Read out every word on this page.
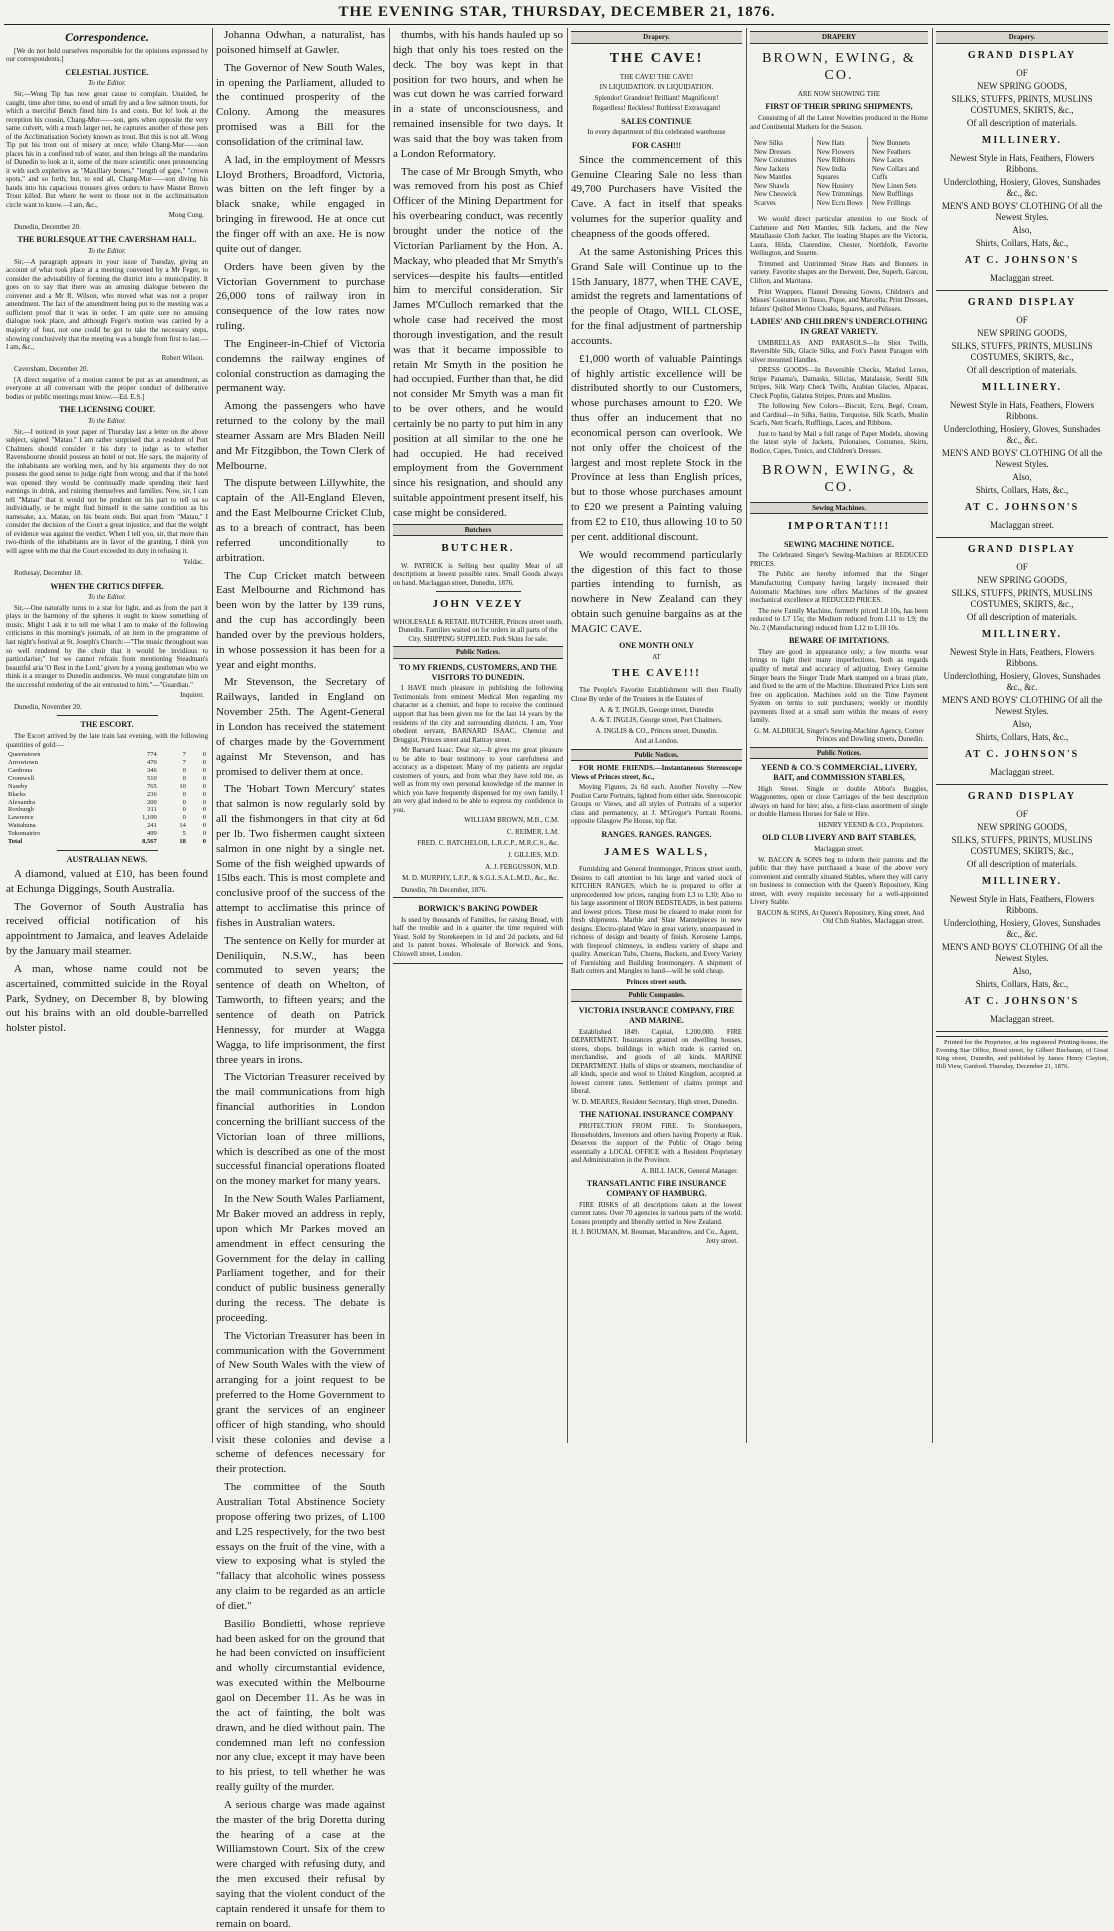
THE EVENING STAR, THURSDAY, DECEMBER 21, 1876.
Correspondence.

[We do not hold ourselves responsible for the opinions expressed by our correspondents.]

CELESTIAL JUSTICE.
To the Editor.

Sir,—Wong Tip has now great cause to complain. Unaided, he caught, time after time, no end of small fry and a few salmon trouts, for which a merciful Bench fined him 1s and costs. But lo! look at the reception his cousin, Chang-Mur——son, gets when opposite the very same culvert, with a much larger net, he captures another of those pets of the Acclimatisation Society known as trout. But this is not all. Wong Tip put his trout out of misery at once; while Chang-Mur——son places his in a confined tub of water, and then brings all the mandarins of Dunedin to look at it, some of the more scientific ones pronouncing it with such expletives as "Maxillary bones," "length of gape," "crown spots," and so forth; but, to end all, Chang-Mur——son diving his hands into his capacious trousers gives orders to have Master Brown Trout killed. But where he went to those not in the acclimatisation circle want to know.—I am, &c.,

Mong Cung.

Dunedin, December 20.

THE BURLESQUE AT THE CAVERSHAM HALL.
To the Editor.

Sir,—A paragraph appears in your issue of Tuesday, giving an account of what took place at a meeting convened by a Mr Feger, to consider the advisability of forming the district into a municipality. It goes on to say that there was an amusing dialogue between the convener and a Mr R. Wilson, who moved what was not a proper amendment. The fact of the amendment being put to the meeting was a sufficient proof that it was in order. I am quite sure no amusing dialogue took place, and although Feger's motion was carried by a majority of four, not one could be got to take the necessary steps, showing conclusively that the meeting was a bungle from first to last.—I am, &c.,

Robert Wilson.

Caversham, December 20.

[A direct negative of a motion cannot be put as an amendment, as everyone at all conversant with the proper conduct of deliberative bodies or public meetings must know.—Ed. E.S.]

THE LICENSING COURT.
To the Editor.

Sir,—I noticed in your paper of Thursday last a letter on the above subject, signed "Matau." I am rather surprised that a resident of Port Chalmers should consider it his duty to judge as to whether Ravensbourne should possess an hotel or not. He says, the majority of the inhabitants are working men, and by his arguments they do not possess the good sense to judge right from wrong; and that if the hotel was opened they would be continually made spending their hard earnings in drink, and ruining themselves and families. Now, sir, I can tell "Matau" that it would not be prudent on his part to tell us so individually, or he might find himself in the same condition as his namesake, a.s. Matau, on his beam ends. But apart from "Matau," I consider the decision of the Court a great injustice, and that the weight of evidence was against the verdict. When I tell you, sir, that more than two-thirds of the inhabitants are in favor of the granting, I think you will agree with me that the Court exceeded its duty in refusing it.

Yeldac.

Rothesay, December 18.

WHEN THE CRITICS DIFFER.
To the Editor.

Sir,—One naturally turns to a star for light, and as from the part it plays in the harmony of the spheres it ought to know something of music. Might I ask it to tell me what I am to make of the following criticisms in this morning's journals, of an item in the programme of last night's festival at St. Joseph's Church:—"The music throughout was so well rendered by the choir that it would be invidious to particularise;" but we cannot refrain from mentioning Steadman's beautiful aria 'O Rest in the Lord,' given by a young gentleman who we think is a stranger to Dunedin audiences. We must congratulate him on the successful rendering of the air entrusted to him."—"Guardian."

Inquirer.

Dunedin, November 20.

THE ESCORT.

The Escort arrived by the late train last evening, with the following quantities of gold:—

Queenstown	774	7	0
Arrowtown	470	7	0
Cardrona	346	0	0
Cromwell	510	0	0
Naseby	765	10	0
Blacks	236	0	0
Alexandra	200	0	0
Roxburgh	311	0	0
Lawrence	1,100	0	0
Waitahuna	241	14	0
Tokomairiro	499	5	0
Total	8,567	18	0
AUSTRALIAN NEWS.

A diamond, valued at £10, has been found at Echunga Diggings, South Australia.

The Governor of South Australia has received official notification of his appointment to Jamaica, and leaves Adelaide by the January mail steamer.

A man, whose name could not be ascertained, committed suicide in the Royal Park, Sydney, on December 8, by blowing out his brains with an old double-barrelled holster pistol.

Johanna Odwhan, a naturalist, has poisoned himself at Gawler.

The Governor of New South Wales, in opening the Parliament, alluded to the continued prosperity of the Colony. Among the measures promised was a Bill for the consolidation of the criminal law.

A lad, in the employment of Messrs Lloyd Brothers, Broadford, Victoria, was bitten on the left finger by a black snake, while engaged in bringing in firewood. He at once cut the finger off with an axe. He is now quite out of danger.

Orders have been given by the Victorian Government to purchase 26,000 tons of railway iron in consequence of the low rates now ruling.

The Engineer-in-Chief of Victoria condemns the railway engines of colonial construction as damaging the permanent way.

Among the passengers who have returned to the colony by the mail steamer Assam are Mrs Bladen Neill and Mr Fitzgibbon, the Town Clerk of Melbourne.

The dispute between Lillywhite, the captain of the All-England Eleven, and the East Melbourne Cricket Club, as to a breach of contract, has been referred unconditionally to arbitration.

The Cup Cricket match between East Melbourne and Richmond has been won by the latter by 139 runs, and the cup has accordingly been handed over by the previous holders, in whose possession it has been for a year and eight months.

Mr Stevenson, the Secretary of Railways, landed in England on November 25th. The Agent-General in London has received the statement of charges made by the Government against Mr Stevenson, and has promised to deliver them at once.

The 'Hobart Town Mercury' states that salmon is now regularly sold by all the fishmongers in that city at 6d per lb. Two fishermen caught sixteen salmon in one night by a single net. Some of the fish weighed upwards of 15lbs each. This is most complete and conclusive proof of the success of the attempt to acclimatise this prince of fishes in Australian waters.

The sentence on Kelly for murder at Deniliquin, N.S.W., has been commuted to seven years; the sentence of death on Whelton, of Tamworth, to fifteen years; and the sentence of death on Patrick Hennessy, for murder at Wagga Wagga, to life imprisonment, the first three years in irons.

The Victorian Treasurer received by the mail communications from high financial authorities in London concerning the brilliant success of the Victorian loan of three millions, which is described as one of the most successful financial operations floated on the money market for many years.

In the New South Wales Parliament, Mr Baker moved an address in reply, upon which Mr Parkes moved an amendment in effect censuring the Government for the delay in calling Parliament together, and for their conduct of public business generally during the recess. The debate is proceeding.

The Victorian Treasurer has been in communication with the Government of New South Wales with the view of arranging for a joint request to be preferred to the Home Government to grant the services of an engineer officer of high standing, who should visit these colonies and devise a scheme of defences necessary for their protection.

The committee of the South Australian Total Abstinence Society propose offering two prizes, of L100 and L25 respectively, for the two best essays on the fruit of the vine, with a view to exposing what is styled the "fallacy that alcoholic wines possess any claim to be regarded as an article of diet."

Basilio Bondietti, whose reprieve had been asked for on the ground that he had been convicted on insufficient and wholly circumstantial evidence, was executed within the Melbourne gaol on December 11. As he was in the act of fainting, the bolt was drawn, and he died without pain. The condemned man left no confession nor any clue, except it may have been to his priest, to tell whether he was really guilty of the murder.

A serious charge was made against the master of the brig Doretta during the hearing of a case at the Williamstown Court. Six of the crew were charged with refusing duty, and the men excused their refusal by saying that the violent conduct of the captain rendered it unsafe for them to remain on board.

thumbs, with his hands hauled up so high that only his toes rested on the deck. The boy was kept in that position for two hours, and when he was cut down he was carried forward in a state of unconsciousness, and remained insensible for two days. It was said that the boy was taken from a London Reformatory.

The case of Mr Brough Smyth, who was removed from his post as Chief Officer of the Mining Department for his overbearing conduct, was recently brought under the notice of the Victorian Parliament by the Hon. A. Mackay, who pleaded that Mr Smyth's services—despite his faults—entitled him to merciful consideration. Sir James M'Culloch remarked that the whole case had received the most thorough investigation, and the result was that it became impossible to retain Mr Smyth in the position he had occupied. Further than that, he did not consider Mr Smyth was a man fit to be over others, and he would certainly be no party to put him in any position at all similar to the one he had occupied. He had received employment from the Government since his resignation, and should any suitable appointment present itself, his case might be considered.

Butchers
BUTCHER.

W. PATRICK is Selling best quality Meat of all descriptions at lowest possible rates. Small Goods always on hand. Maclaggan street, Dunedin, 1876.

JOHN VEZEY

WHOLESALE & RETAIL BUTCHER, Princes street south, Dunedin. Families waited on for orders in all parts of the City. SHIPPING SUPPLIED. Pork Skins for sale.

Public Notices.
TO MY FRIENDS, CUSTOMERS, AND THE VISITORS TO DUNEDIN.

I HAVE much pleasure in publishing the following Testimonials from eminent Medical Men regarding my character as a chemist, and hope to receive the continued support that has been given me for the last 14 years by the residents of the city and surrounding districts. I am, Your obedient servant, BARNARD ISAAC, Chemist and Druggist, Princes street and Rattray street.

Mr Barnard Isaac. Dear sir,—It gives me great pleasure to be able to bear testimony to your carefulness and accuracy as a dispenser. Many of my patients are regular customers of yours, and from what they have told me, as well as from my own personal knowledge of the manner in which you have frequently dispensed for my own family, I am very glad indeed to be able to express my confidence in you.

WILLIAM BROWN, M.B., C.M.
C. REIMER, L.M.
FRED. C. BATCHELOR, L.R.C.P., M.R.C.S., &c.
J. GILLIES, M.D.
A. J. FERGUSSON, M.D.
M. D. MURPHY, L.F.P., & S.G.L.S.A.L.M.D., &c., &c.

Dunedin, 7th December, 1876.

BORWICK'S BAKING POWDER

Is used by thousands of Families, for raising Bread, with half the trouble and in a quarter the time required with Yeast. Sold by Storekeepers in 1d and 2d packets, and 6d and 1s patent boxes. Wholesale of Borwick and Sons, Chiswell street, London.

Drapery.
THE CAVE!
THE CAVE! THE CAVE!
IN LIQUIDATION. IN LIQUIDATION.
Splendor! Grandeur! Brilliant! Magnificent!
Regardless! Reckless! Ruthless! Extravagant!
SALES CONTINUE
In every department of this celebrated warehouse
FOR CASH!!!

Since the commencement of this Genuine Clearing Sale no less than 49,700 Purchasers have Visited the Cave. A fact in itself that speaks volumes for the superior quality and cheapness of the goods offered.

At the same Astonishing Prices this Grand Sale will Continue up to the 15th January, 1877, when THE CAVE, amidst the regrets and lamentations of the people of Otago, WILL CLOSE, for the final adjustment of partnership accounts.

£1,000 worth of valuable Paintings of highly artistic excellence will be distributed shortly to our Customers, whose purchases amount to £20. We thus offer an inducement that no economical person can overlook. We not only offer the choicest of the largest and most replete Stock in the Province at less than English prices, but to those whose purchases amount to £20 we present a Painting valuing from £2 to £10, thus allowing 10 to 50 per cent. additional discount.

We would recommend particularly the digestion of this fact to those parties intending to furnish, as nowhere in New Zealand can they obtain such genuine bargains as at the MAGIC CAVE.

ONE MONTH ONLY
AT
THE CAVE!!!

The People's Favorite Establishment will then Finally Close By order of the Trustees in the Estates of

A. & T. INGLIS, George street, Dunedin
A. & T. INGLIS, George street, Port Chalmers.
A. INGLIS & CO., Princes street, Dunedin.
And at London.
Public Notices.

FOR HOME FRIENDS.—Instantaneous Stereoscope Views of Princes street, &c.,

Moving Figures, 2s 6d each. Another Novelty —New Pouliot Carte Portraits, lighted from either side. Stereoscopic Groups or Views, and all styles of Portraits of a superior class and permanency, at J. M'Gregor's Portrait Rooms, opposite Glasgow Pie House, top flat.

RANGES. RANGES. RANGES.
JAMES WALLS,

Furnishing and General Ironmonger, Princes street south, Desires to call attention to his large and varied stock of KITCHEN RANGES, which he is prepared to offer at unprecedented low prices, ranging from L3 to L30; Also to his large assortment of IRON BEDSTEADS, in best patterns and lowest prices. These must be cleared to make room for fresh shipments. Marble and Slate Mantelpieces in new designs. Electro-plated Ware in great variety, unsurpassed in richness of design and beauty of finish. Kerosene Lamps, with fireproof chimneys, in endless variety of shape and quality. American Tubs, Churns, Buckets, and Every Variety of Furnishing and Building Ironmongery. A shipment of Bath cutters and Mangles to hand—will be sold cheap.

Princes street south.
Public Companies.
VICTORIA INSURANCE COMPANY, FIRE AND MARINE.

Established 1849. Capital, L200,000. FIRE DEPARTMENT. Insurances granted on dwelling houses, stores, shops, buildings in which trade is carried on, merchandise, and goods of all kinds. MARINE DEPARTMENT. Hulls of ships or steamers, merchandise of all kinds, specie and wool to United Kingdom, accepted at lowest current rates. Settlement of claims prompt and liberal.

W. D. MEARES, Resident Secretary, High street, Dunedin.
THE NATIONAL INSURANCE COMPANY

PROTECTION FROM FIRE. To Storekeepers, Householders, Investors and others having Property at Risk. Deserves the support of the Public of Otago being essentially a LOCAL OFFICE with a Resident Proprietary and Administration in the Province.

A. BILL JACK, General Manager.
TRANSATLANTIC FIRE INSURANCE COMPANY OF HAMBURG.

FIRE RISKS of all descriptions taken at the lowest current rates. Over 70 agencies in various parts of the world. Losses promptly and liberally settled in New Zealand.

H. J. BOUMAN, M. Bouman, Macandrew, and Co., Agent, Jetty street.
DRAPERY
BROWN, EWING, & CO.
ARE NOW SHOWING THE
FIRST OF THEIR SPRING SHIPMENTS,

Consisting of all the Latest Novelties produced in the Home and Continental Markets for the Season.

New Silks
New Dresses
New Costumes
New Jackets
New Mantles
New Shawls
New Cheswick Scarves

New Hats
New Flowers
New Ribbons
New India Squares
New Hosiery
New Trimmings
New Ecru Bows

New Bonnets
New Feathers
New Laces
New Collars and Cuffs
New Linen Sets
New Rufflings
New Frillings

We would direct particular attention to our Stock of Cashmere and Nett Mantles, Silk Jackets, and the New Matallassie Cloth Jacket. The leading Shapes are the Victoria, Laura, Hilda, Clarendine, Chester, Northfolk, Favorite Wellington, and Susette.

Trimmed and Untrimmed Straw Hats and Bonnets in variety. Favorite shapes are the Derwent, Dee, Superb, Garcon, Clifton, and Maritana.

Print Wrappers, Flannel Dressing Gowns, Children's and Misses' Costumes in Tusso, Pique, and Marcella; Print Dresses, Infants' Quilted Merino Cloaks, Squares, and Pelisses.

LADIES' AND CHILDREN'S UNDERCLOTHING IN GREAT VARIETY.

UMBRELLAS AND PARASOLS—In Shot Twills, Reversible Silk, Glacie Silks, and Fox's Patent Paragon with silver mounted Handles.

DRESS GOODS—In Reversible Checks, Marled Lenos, Stripe Panama's, Damasks, Silicias, Matalassie, Serdil Silk Stripes, Silk Warp Check Twills, Arabian Glacies, Alpacas, Check Poplin, Galatea Stripes, Prints and Muslins.

The following New Colors—Biscuit, Ecru, Begé, Cream, and Cardinal—in Silks, Satins, Turquoise, Silk Scarfs, Muslin Scarfs, Nett Scarfs, Rufflings, Laces, and Ribbons.

Just to hand by Mail a full range of Paper Models, showing the latest style of Jackets, Polonaises, Costumes, Skirts, Bodice, Capes, Tunics, and Children's Dresses.

BROWN, EWING, & CO.
Sewing Machines.
IMPORTANT!!!
SEWING MACHINE NOTICE.

The Celebrated Singer's Sewing-Machines at REDUCED PRICES.

The Public are hereby informed that the Singer Manufacturing Company having largely increased their Automatic Machines now offers Machines of the greatest mechanical excellence at REDUCED PRICES.

The new Family Machine, formerly priced L8 10s, has been reduced to L7 15s; the Medium reduced from L11 to L9; the No. 2 (Manufacturing) reduced from L12 to L10 10s.

BEWARE OF IMITATIONS.

They are good in appearance only; a few months wear brings to light their many imperfections, both as regards quality of metal and accuracy of adjusting. Every Genuine Singer bears the Singer Trade Mark stamped on a brass plate, and fixed to the arm of the Machine. Illustrated Price Lists sent free on application. Machines sold on the Time Payment System on terms to suit purchasers; weekly or monthly payments fixed at a small sum within the means of every family.

G. M. ALDRICH, Singer's Sewing-Machine Agency, Corner Princes and Dowling streets, Dunedin.
Public Notices.
YEEND & CO.'S COMMERCIAL, LIVERY, BAIT, and COMMISSION STABLES,

High Street. Single or double Abbot's Buggies, Waggonettes, open or close Carriages of the best description always on hand for hire; also, a first-class assortment of single or double Harness Horses for Sale or Hire.

HENRY YEEND & CO., Proprietors.
OLD CLUB LIVERY AND BAIT STABLES,
Maclaggan street.

W. BACON & SONS beg to inform their patrons and the public that they have purchased a lease of the above very convenient and centrally situated Stables, where they will carry on business in connection with the Queen's Repository, King street, with every requisite necessary for a well-appointed Livery Stable.

BACON & SONS, At Queen's Repository, King street, And Old Club Stables, Maclaggan street.
Drapery.
GRAND DISPLAY
OF
NEW SPRING GOODS,
SILKS, STUFFS, PRINTS, MUSLINS COSTUMES, SKIRTS, &c.,
Of all description of materials.
MILLINERY.
Newest Style in Hats, Feathers, Flowers Ribbons.
Underclothing, Hosiery, Gloves, Sunshades &c., &c.
MEN'S AND BOYS' CLOTHING Of all the Newest Styles.
Also,
Shirts, Collars, Hats, &c.,
AT C. JOHNSON'S
Maclaggan street.
GRAND DISPLAY
OF
NEW SPRING GOODS,
SILKS, STUFFS, PRINTS, MUSLINS COSTUMES, SKIRTS, &c.,
Of all description of materials.
MILLINERY.
Newest Style in Hats, Feathers, Flowers Ribbons.
Underclothing, Hosiery, Gloves, Sunshades &c., &c.
MEN'S AND BOYS' CLOTHING Of all the Newest Styles.
Also,
Shirts, Collars, Hats, &c.,
AT C. JOHNSON'S
Maclaggan street.
GRAND DISPLAY
OF
NEW SPRING GOODS,
SILKS, STUFFS, PRINTS, MUSLINS COSTUMES, SKIRTS, &c.,
Of all description of materials.
MILLINERY.
Newest Style in Hats, Feathers, Flowers Ribbons.
Underclothing, Hosiery, Gloves, Sunshades &c., &c.
MEN'S AND BOYS' CLOTHING Of all the Newest Styles.
Also,
Shirts, Collars, Hats, &c.,
AT C. JOHNSON'S
Maclaggan street.
GRAND DISPLAY
OF
NEW SPRING GOODS,
SILKS, STUFFS, PRINTS, MUSLINS COSTUMES, SKIRTS, &c.,
Of all description of materials.
MILLINERY.
Newest Style in Hats, Feathers, Flowers Ribbons.
Underclothing, Hosiery, Gloves, Sunshades &c., &c.
MEN'S AND BOYS' CLOTHING Of all the Newest Styles.
Also,
Shirts, Collars, Hats, &c.,
AT C. JOHNSON'S
Maclaggan street.

Printed for the Proprietor, at his registered Printing-house, the Evening Star Office, Bond street, by Gilbert Buchanan, of Great King street, Dunedin, and published by James Henry Clayton, Hill View, Ganford. Thursday, December 21, 1876.
